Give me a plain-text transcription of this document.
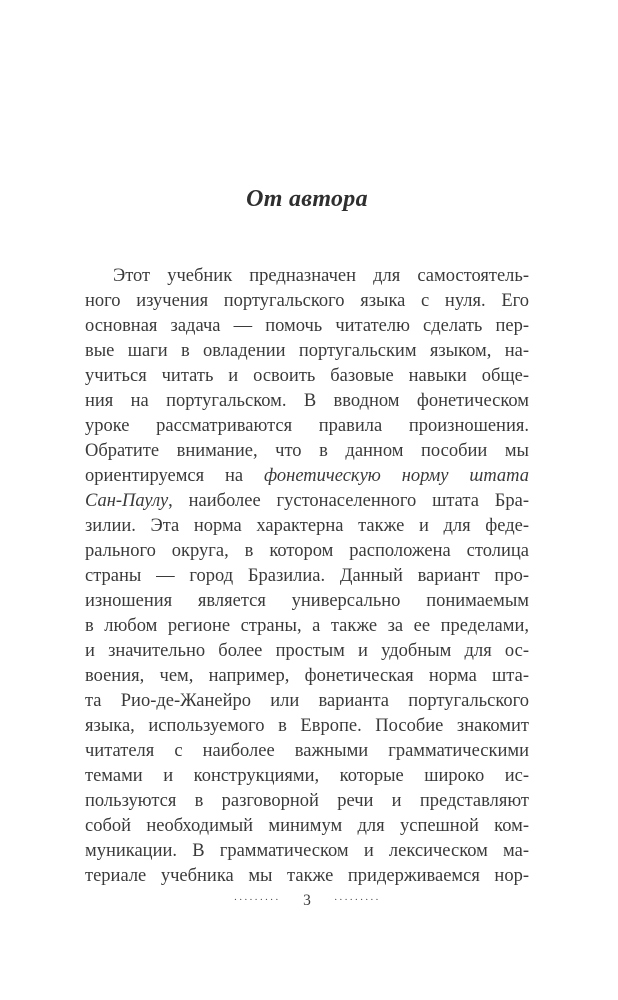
От автора
Этот учебник предназначен для самостоятель-
ного изучения португальского языка с нуля. Его
основная задача — помочь читателю сделать пер-
вые шаги в овладении португальским языком, на-
учиться читать и освоить базовые навыки обще-
ния на португальском. В вводном фонетическом
уроке рассматриваются правила произношения.
Обратите внимание, что в данном пособии мы
ориентируемся на фонетическую норму штата
Сан-Паулу, наиболее густонаселенного штата Бра-
зилии. Эта норма характерна также и для феде-
рального округа, в котором расположена столица
страны — город Бразилиа. Данный вариант про-
изношения является универсально понимаемым
в любом регионе страны, а также за ее пределами,
и значительно более простым и удобным для ос-
воения, чем, например, фонетическая норма шта-
та Рио-де-Жанейро или варианта португальского
языка, используемого в Европе. Пособие знакомит
читателя с наиболее важными грамматическими
темами и конструкциями, которые широко ис-
пользуются в разговорной речи и представляют
собой необходимый минимум для успешной ком-
муникации. В грамматическом и лексическом ма-
териале учебника мы также придерживаемся нор-
········· 3 ·········
